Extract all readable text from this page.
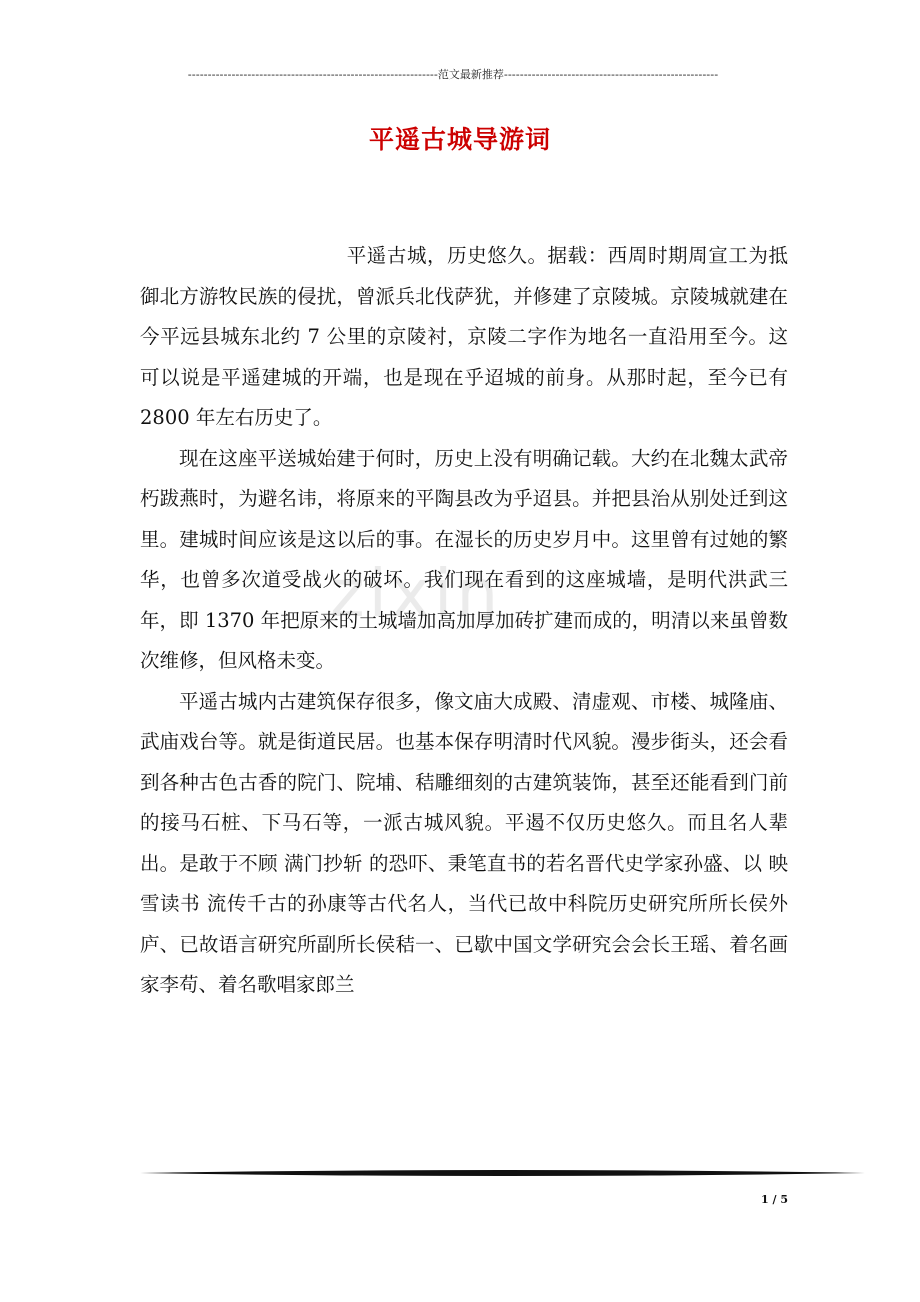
---------------------------------------------------------------范文最新推荐------------------------------------------------------
平遥古城导游词
zixin

平遥古城，历史悠久。据载：西周时期周宣工为抵御北方游牧民族的侵扰，曾派兵北伐萨犹，并修建了京陵城。京陵城就建在今平远县城东北约 7 公里的京陵衬，京陵二字作为地名一直沿用至今。这可以说是平遥建城的开端，也是现在乎迢城的前身。从那时起，至今已有 2800 年左右历史了。

现在这座平送城始建于何时，历史上没有明确记载。大约在北魏太武帝朽跋燕时，为避名讳，将原来的平陶县改为乎迢县。并把县治从别处迁到这里。建城时间应该是这以后的事。在湿长的历史岁月中。这里曾有过她的繁华，也曾多次道受战火的破坏。我们现在看到的这座城墙，是明代洪武三年，即 1370 年把原来的土城墙加高加厚加砖扩建而成的，明清以来虽曾数次维修，但风格未变。

平遥古城内古建筑保存很多，像文庙大成殿、清虚观、市楼、城隆庙、武庙戏台等。就是街道民居。也基本保存明清时代风貌。漫步街头，还会看到各种古色古香的院门、院埔、秸雕细刻的古建筑装饰，甚至还能看到门前的接马石桩、下马石等，一派古城风貌。平遏不仅历史悠久。而且名人辈出。是敢于不顾 满门抄斩 的恐吓、秉笔直书的若名晋代史学家孙盛、以 映雪读书 流传千古的孙康等古代名人，当代已故中科院历史研究所所长侯外庐、已故语言研究所副所长侯秸一、已歇中国文学研究会会长王瑶、着名画家李苟、着名歌唱家郎兰

1 / 5
